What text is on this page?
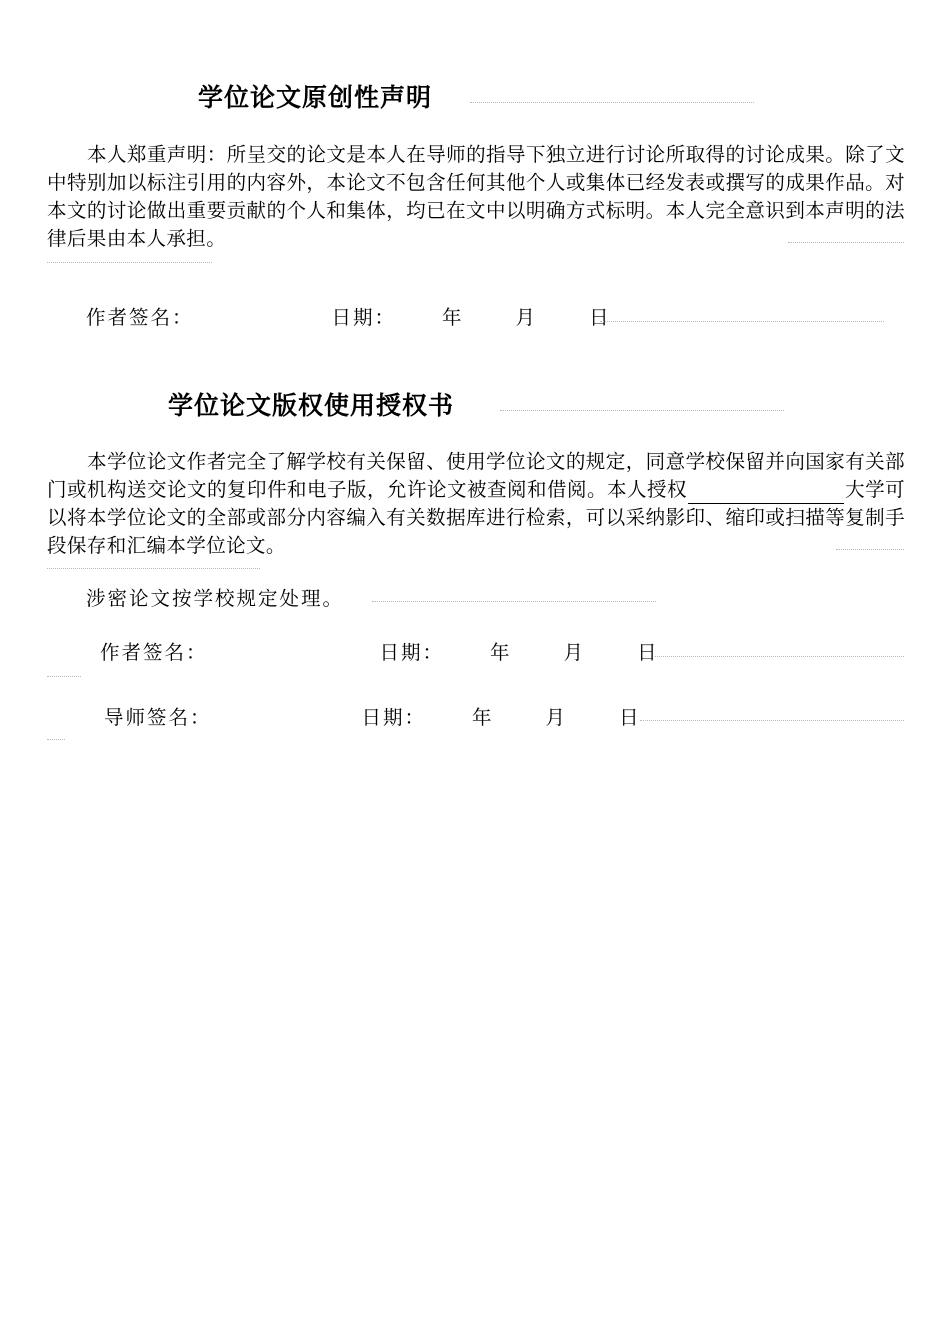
学位论文原创性声明
本人郑重声明：所呈交的论文是本人在导师的指导下独立进行讨论所取得的讨论成果。除了文中特别加以标注引用的内容外，本论文不包含任何其他个人或集体已经发表或撰写的成果作品。对本文的讨论做出重要贡献的个人和集体，均已在文中以明确方式标明。本人完全意识到本声明的法律后果由本人承担。
作者签名：	日期： 年	月	日
学位论文版权使用授权书
本学位论文作者完全了解学校有关保留、使用学位论文的规定，同意学校保留并向国家有关部门或机构送交论文的复印件和电子版，允许论文被查阅和借阅。本人授权	大学可以将本学位论文的全部或部分内容编入有关数据库进行检索，可以采纳影印、缩印或扫描等复制手段保存和汇编本学位论文。
涉密论文按学校规定处理。
作者签名：	日期： 年	月	日
导师签名：	日期： 年	月	日
